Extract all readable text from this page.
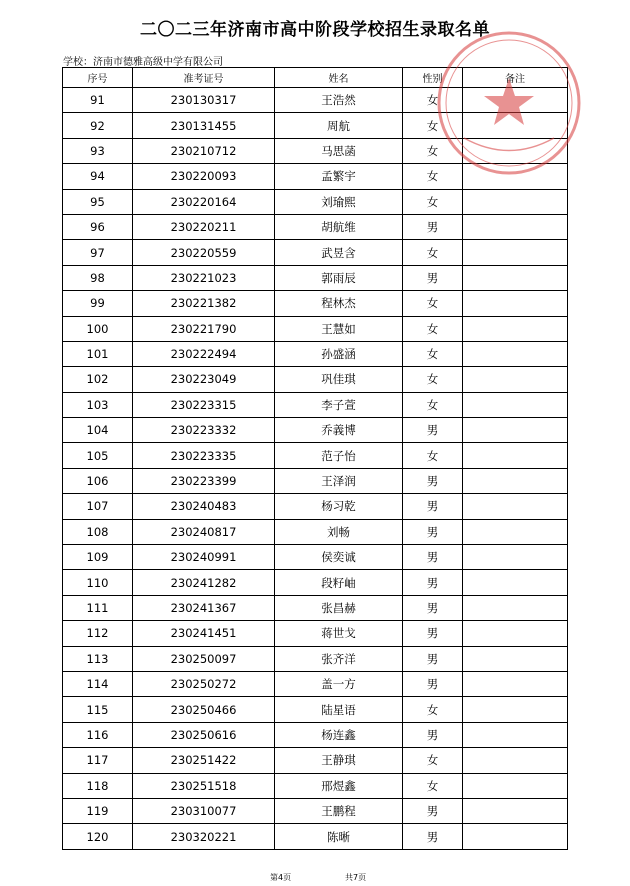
二〇二三年济南市高中阶段学校招生录取名单
学校：济南市德雅高级中学有限公司
序号	准考证号	姓名	性别	备注
91	230130317	王浩然	女	
92	230131455	周航	女	
93	230210712	马思菡	女	
94	230220093	孟繁宇	女	
95	230220164	刘瑜熙	女	
96	230220211	胡航维	男	
97	230220559	武昱含	女	
98	230221023	郭雨辰	男	
99	230221382	程林杰	女	
100	230221790	王慧如	女	
101	230222494	孙盛涵	女	
102	230223049	巩佳琪	女	
103	230223315	李子萱	女	
104	230223332	乔義博	男	
105	230223335	范子怡	女	
106	230223399	王泽润	男	
107	230240483	杨习乾	男	
108	230240817	刘畅	男	
109	230240991	侯奕诚	男	
110	230241282	段籽岫	男	
111	230241367	张昌赫	男	
112	230241451	蒋世戈	男	
113	230250097	张齐洋	男	
114	230250272	盖一方	男	
115	230250466	陆星语	女	
116	230250616	杨连鑫	男	
117	230251422	王静琪	女	
118	230251518	邢煜鑫	女	
119	230310077	王鹏程	男	
120	230320221	陈晰	男	
第4页	共7页
